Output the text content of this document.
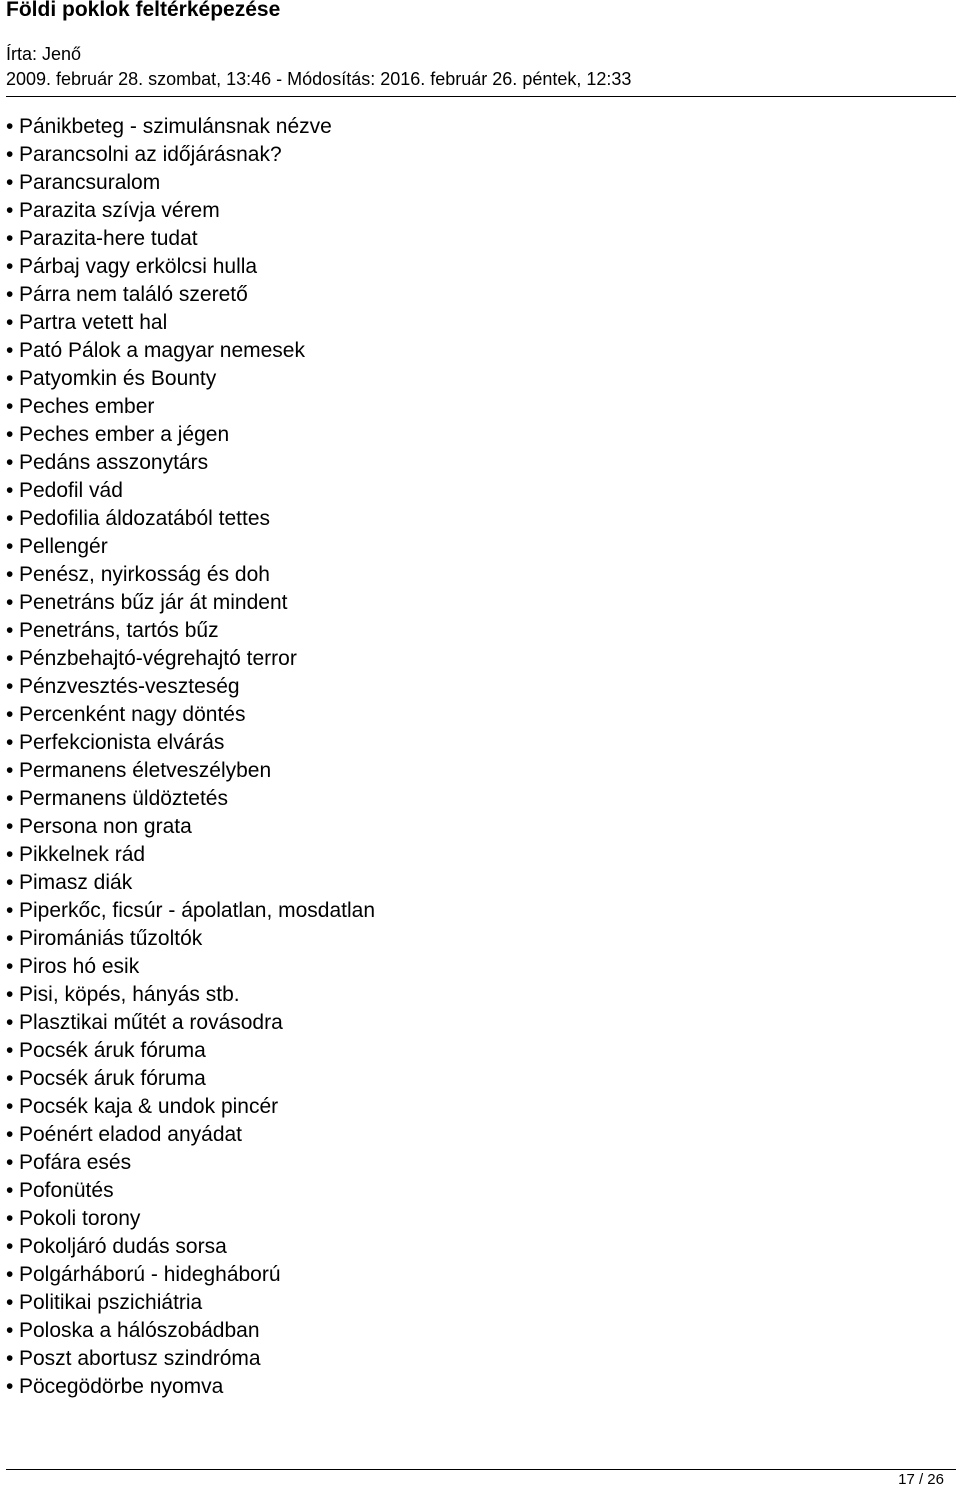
Földi poklok feltérképezése
Írta: Jenő
2009. február 28. szombat, 13:46 - Módosítás: 2016. február 26. péntek, 12:33
• Pánikbeteg - szimulánsnak nézve
• Parancsolni az időjárásnak?
• Parancsuralom
• Parazita szívja vérem
• Parazita-here tudat
• Párbaj vagy erkölcsi hulla
• Párra nem találó szerető
• Partra vetett hal
• Pató Pálok a magyar nemesek
• Patyomkin és Bounty
• Peches ember
• Peches ember a jégen
• Pedáns asszonytárs
• Pedofil vád
• Pedofilia áldozatából tettes
• Pellengér
• Penész, nyirkosság és doh
• Penetráns bűz jár át mindent
• Penetráns, tartós bűz
• Pénzbehajtó-végrehajtó terror
• Pénzvesztés-veszteség
• Percenként nagy döntés
• Perfekcionista elvárás
• Permanens életveszélyben
• Permanens üldöztetés
• Persona non grata
• Pikkelnek rád
• Pimasz diák
• Piperkőc, ficsúr - ápolatlan, mosdatlan
• Piromániás tűzoltók
• Piros hó esik
• Pisi, köpés, hányás stb.
• Plasztikai műtét a rovásodra
• Pocsék áruk fóruma
• Pocsék áruk fóruma
• Pocsék kaja & undok pincér
• Poénért eladod anyádat
• Pofára esés
• Pofonütés
• Pokoli torony
• Pokoljáró dudás sorsa
• Polgárháború - hidegháború
• Politikai pszichiátria
• Poloska a hálószobádban
• Poszt abortusz szindróma
• Pöcegödörbe nyomva
17 / 26
